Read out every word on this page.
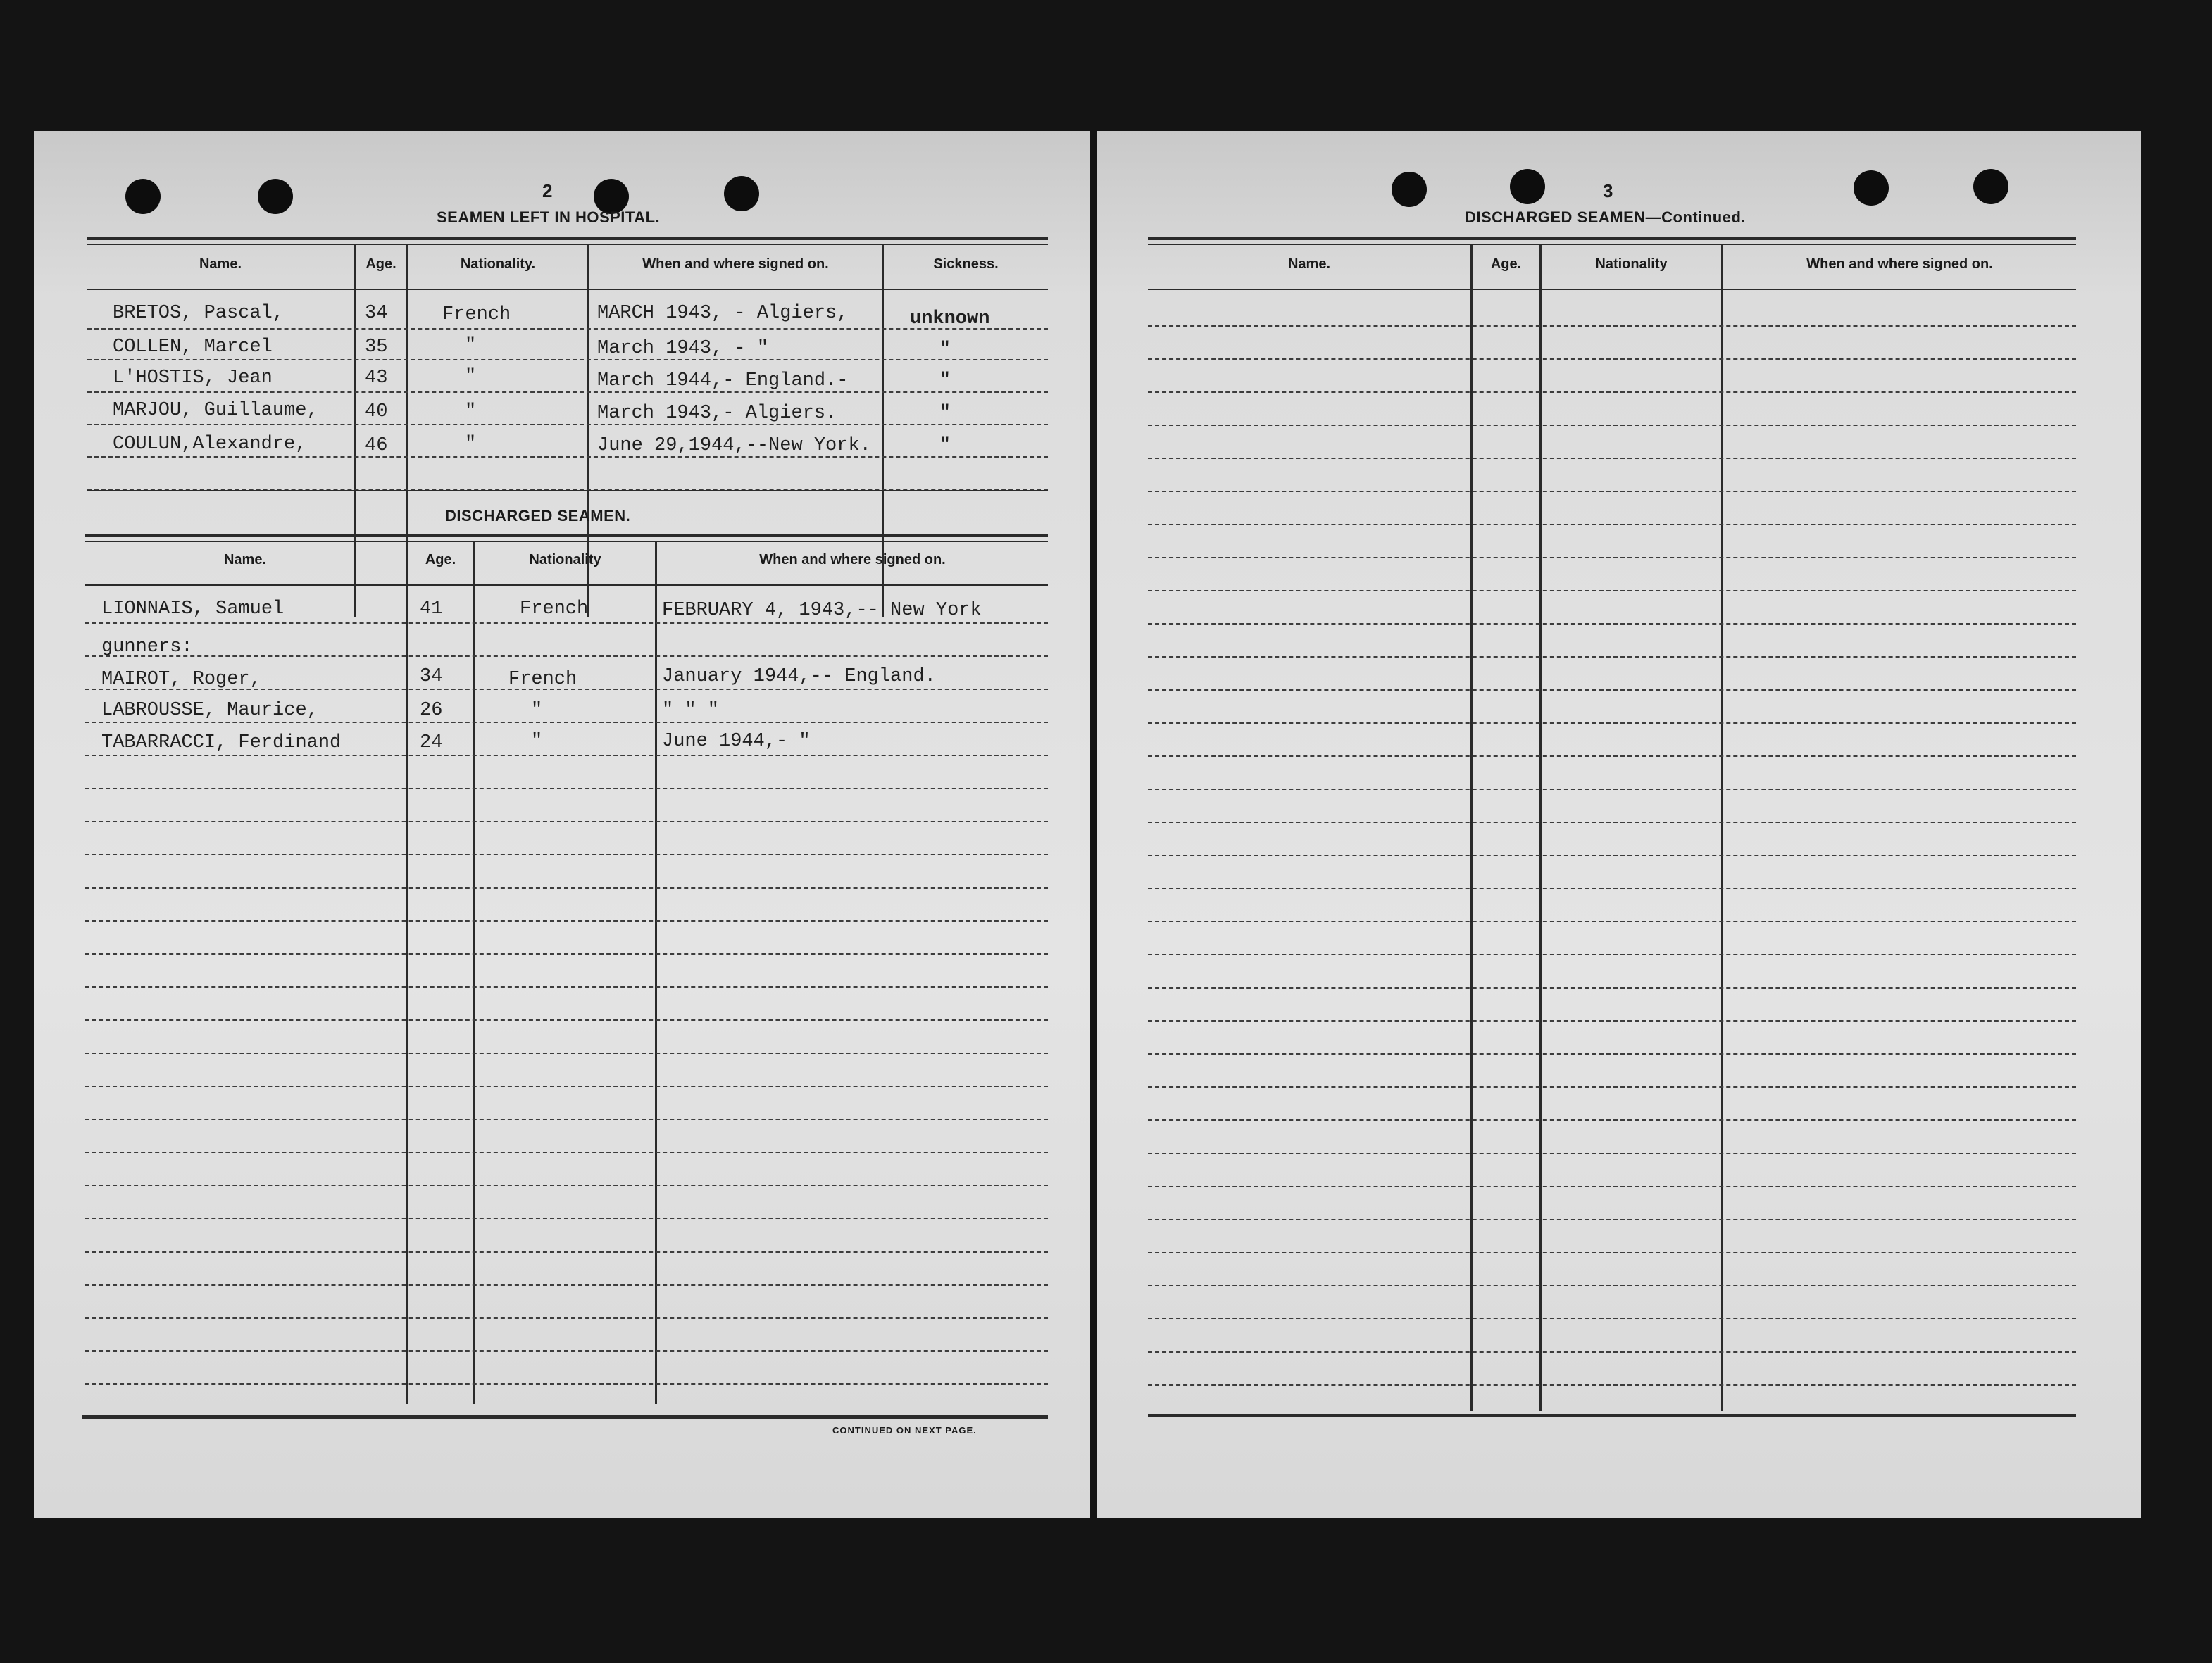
2
SEAMEN LEFT IN HOSPITAL.
Name.	Age.	Nationality.	When and where signed on.	Sickness.
BRETOS, Pascal,	34	French	MARCH 1943, - Algiers,	unknown
COLLEN, Marcel	35	"	March 1943, - "	"
L'HOSTIS, Jean	43	"	March 1944,- England.-	"
MARJOU, Guillaume, 40	"	March 1943,- Algiers.	"
COULUN,Alexandre,	46	"	June 29,1944,--New York.	"
DISCHARGED SEAMEN.
Name.	Age.	Nationality	When and where signed on.
LIONNAIS, Samuel	41	French	FEBRUARY 4, 1943,-- New York
gunners:
MAIROT, Roger,	34	French	January 1944,-- England.
LABROUSSE, Maurice,	26	"	" " "
TABARRACCI, Ferdinand	24	"	June 1944,- "
CONTINUED ON NEXT PAGE.
3
DISCHARGED SEAMEN—Continued.
Name.	Age.	Nationality	When and where signed on.
